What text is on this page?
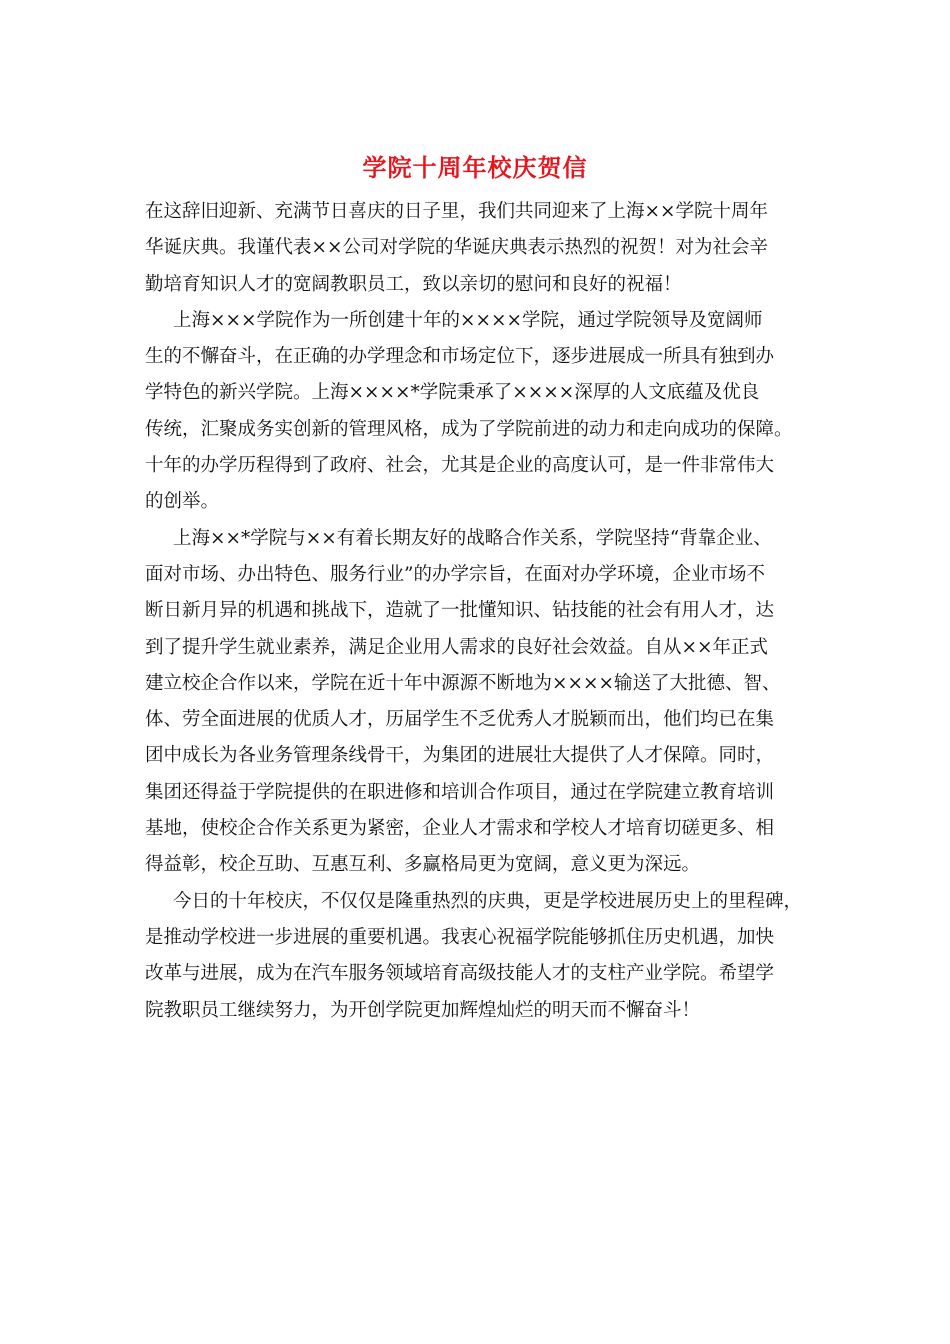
学院十周年校庆贺信
在这辞旧迎新、充满节日喜庆的日子里，我们共同迎来了上海××学院十周年
华诞庆典。我谨代表××公司对学院的华诞庆典表示热烈的祝贺！对为社会辛
勤培育知识人才的宽阔教职员工，致以亲切的慰问和良好的祝福！
上海×××学院作为一所创建十年的××××学院，通过学院领导及宽阔师
生的不懈奋斗，在正确的办学理念和市场定位下，逐步进展成一所具有独到办
学特色的新兴学院。上海××××*学院秉承了××××深厚的人文底蕴及优良
传统，汇聚成务实创新的管理风格，成为了学院前进的动力和走向成功的保障。
十年的办学历程得到了政府、社会，尤其是企业的高度认可，是一件非常伟大
的创举。
上海××*学院与××有着长期友好的战略合作关系，学院坚持“背靠企业、
面对市场、办出特色、服务行业”的办学宗旨，在面对办学环境，企业市场不
断日新月异的机遇和挑战下，造就了一批懂知识、钻技能的社会有用人才，达
到了提升学生就业素养，满足企业用人需求的良好社会效益。自从××年正式
建立校企合作以来，学院在近十年中源源不断地为××××输送了大批德、智、
体、劳全面进展的优质人才，历届学生不乏优秀人才脱颖而出，他们均已在集
团中成长为各业务管理条线骨干，为集团的进展壮大提供了人才保障。同时，
集团还得益于学院提供的在职进修和培训合作项目，通过在学院建立教育培训
基地，使校企合作关系更为紧密，企业人才需求和学校人才培育切磋更多、相
得益彰，校企互助、互惠互利、多赢格局更为宽阔，意义更为深远。
今日的十年校庆，不仅仅是隆重热烈的庆典，更是学校进展历史上的里程碑，
是推动学校进一步进展的重要机遇。我衷心祝福学院能够抓住历史机遇，加快
改革与进展，成为在汽车服务领域培育高级技能人才的支柱产业学院。希望学
院教职员工继续努力，为开创学院更加辉煌灿烂的明天而不懈奋斗！
